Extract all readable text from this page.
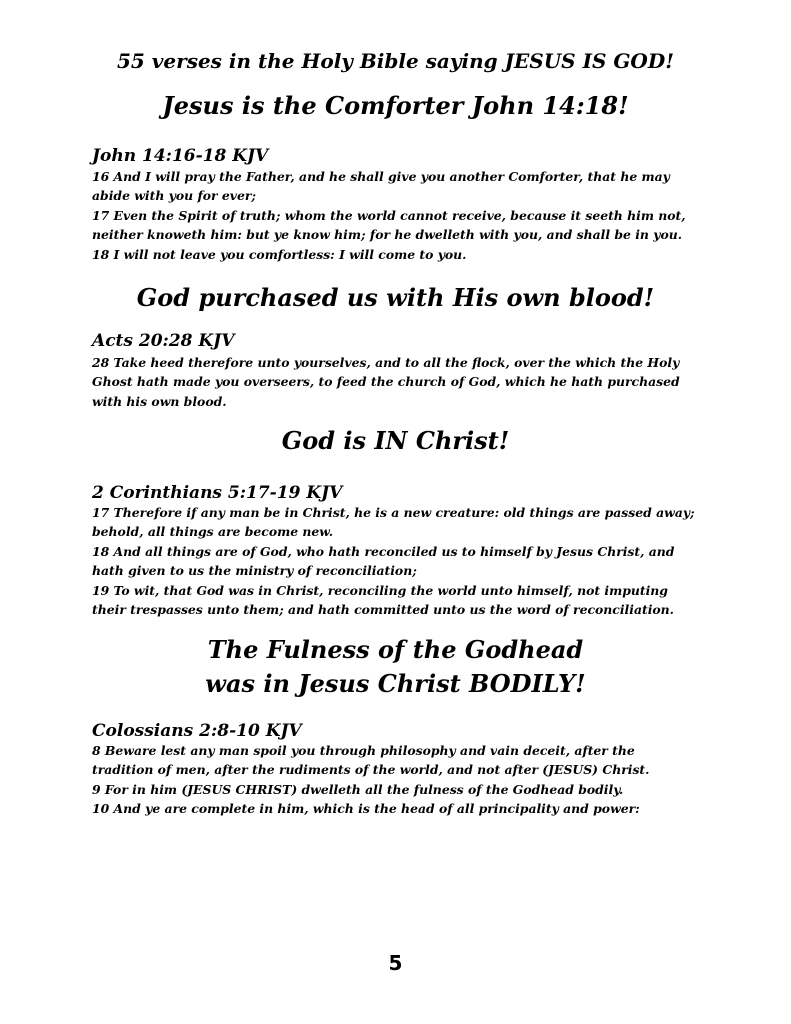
55 verses in the Holy Bible saying JESUS IS GOD!
Jesus is the Comforter John 14:18!
John 14:16-18 KJV

16 And I will pray the Father, and he shall give you another Comforter, that he may

abide with you for ever;

17 Even the Spirit of truth; whom the world cannot receive, because it seeth him not,

neither knoweth him: but ye know him; for he dwelleth with you, and shall be in you.

18 I will not leave you comfortless: I will come to you.

God purchased us with His own blood!
Acts 20:28 KJV

28 Take heed therefore unto yourselves, and to all the flock, over the which the Holy

Ghost hath made you overseers, to feed the church of God, which he hath purchased

with his own blood.

God is IN Christ!
2 Corinthians 5:17-19 KJV

17 Therefore if any man be in Christ, he is a new creature: old things are passed away;

behold, all things are become new.

18 And all things are of God, who hath reconciled us to himself by Jesus Christ, and

hath given to us the ministry of reconciliation;

19 To wit, that God was in Christ, reconciling the world unto himself, not imputing

their trespasses unto them; and hath committed unto us the word of reconciliation.

The Fulness of the Godhead
was in Jesus Christ BODILY!
Colossians 2:8-10 KJV

8 Beware lest any man spoil you through philosophy and vain deceit, after the

tradition of men, after the rudiments of the world, and not after (JESUS) Christ.

9 For in him (JESUS CHRIST) dwelleth all the fulness of the Godhead bodily.

10 And ye are complete in him, which is the head of all principality and power:

5
